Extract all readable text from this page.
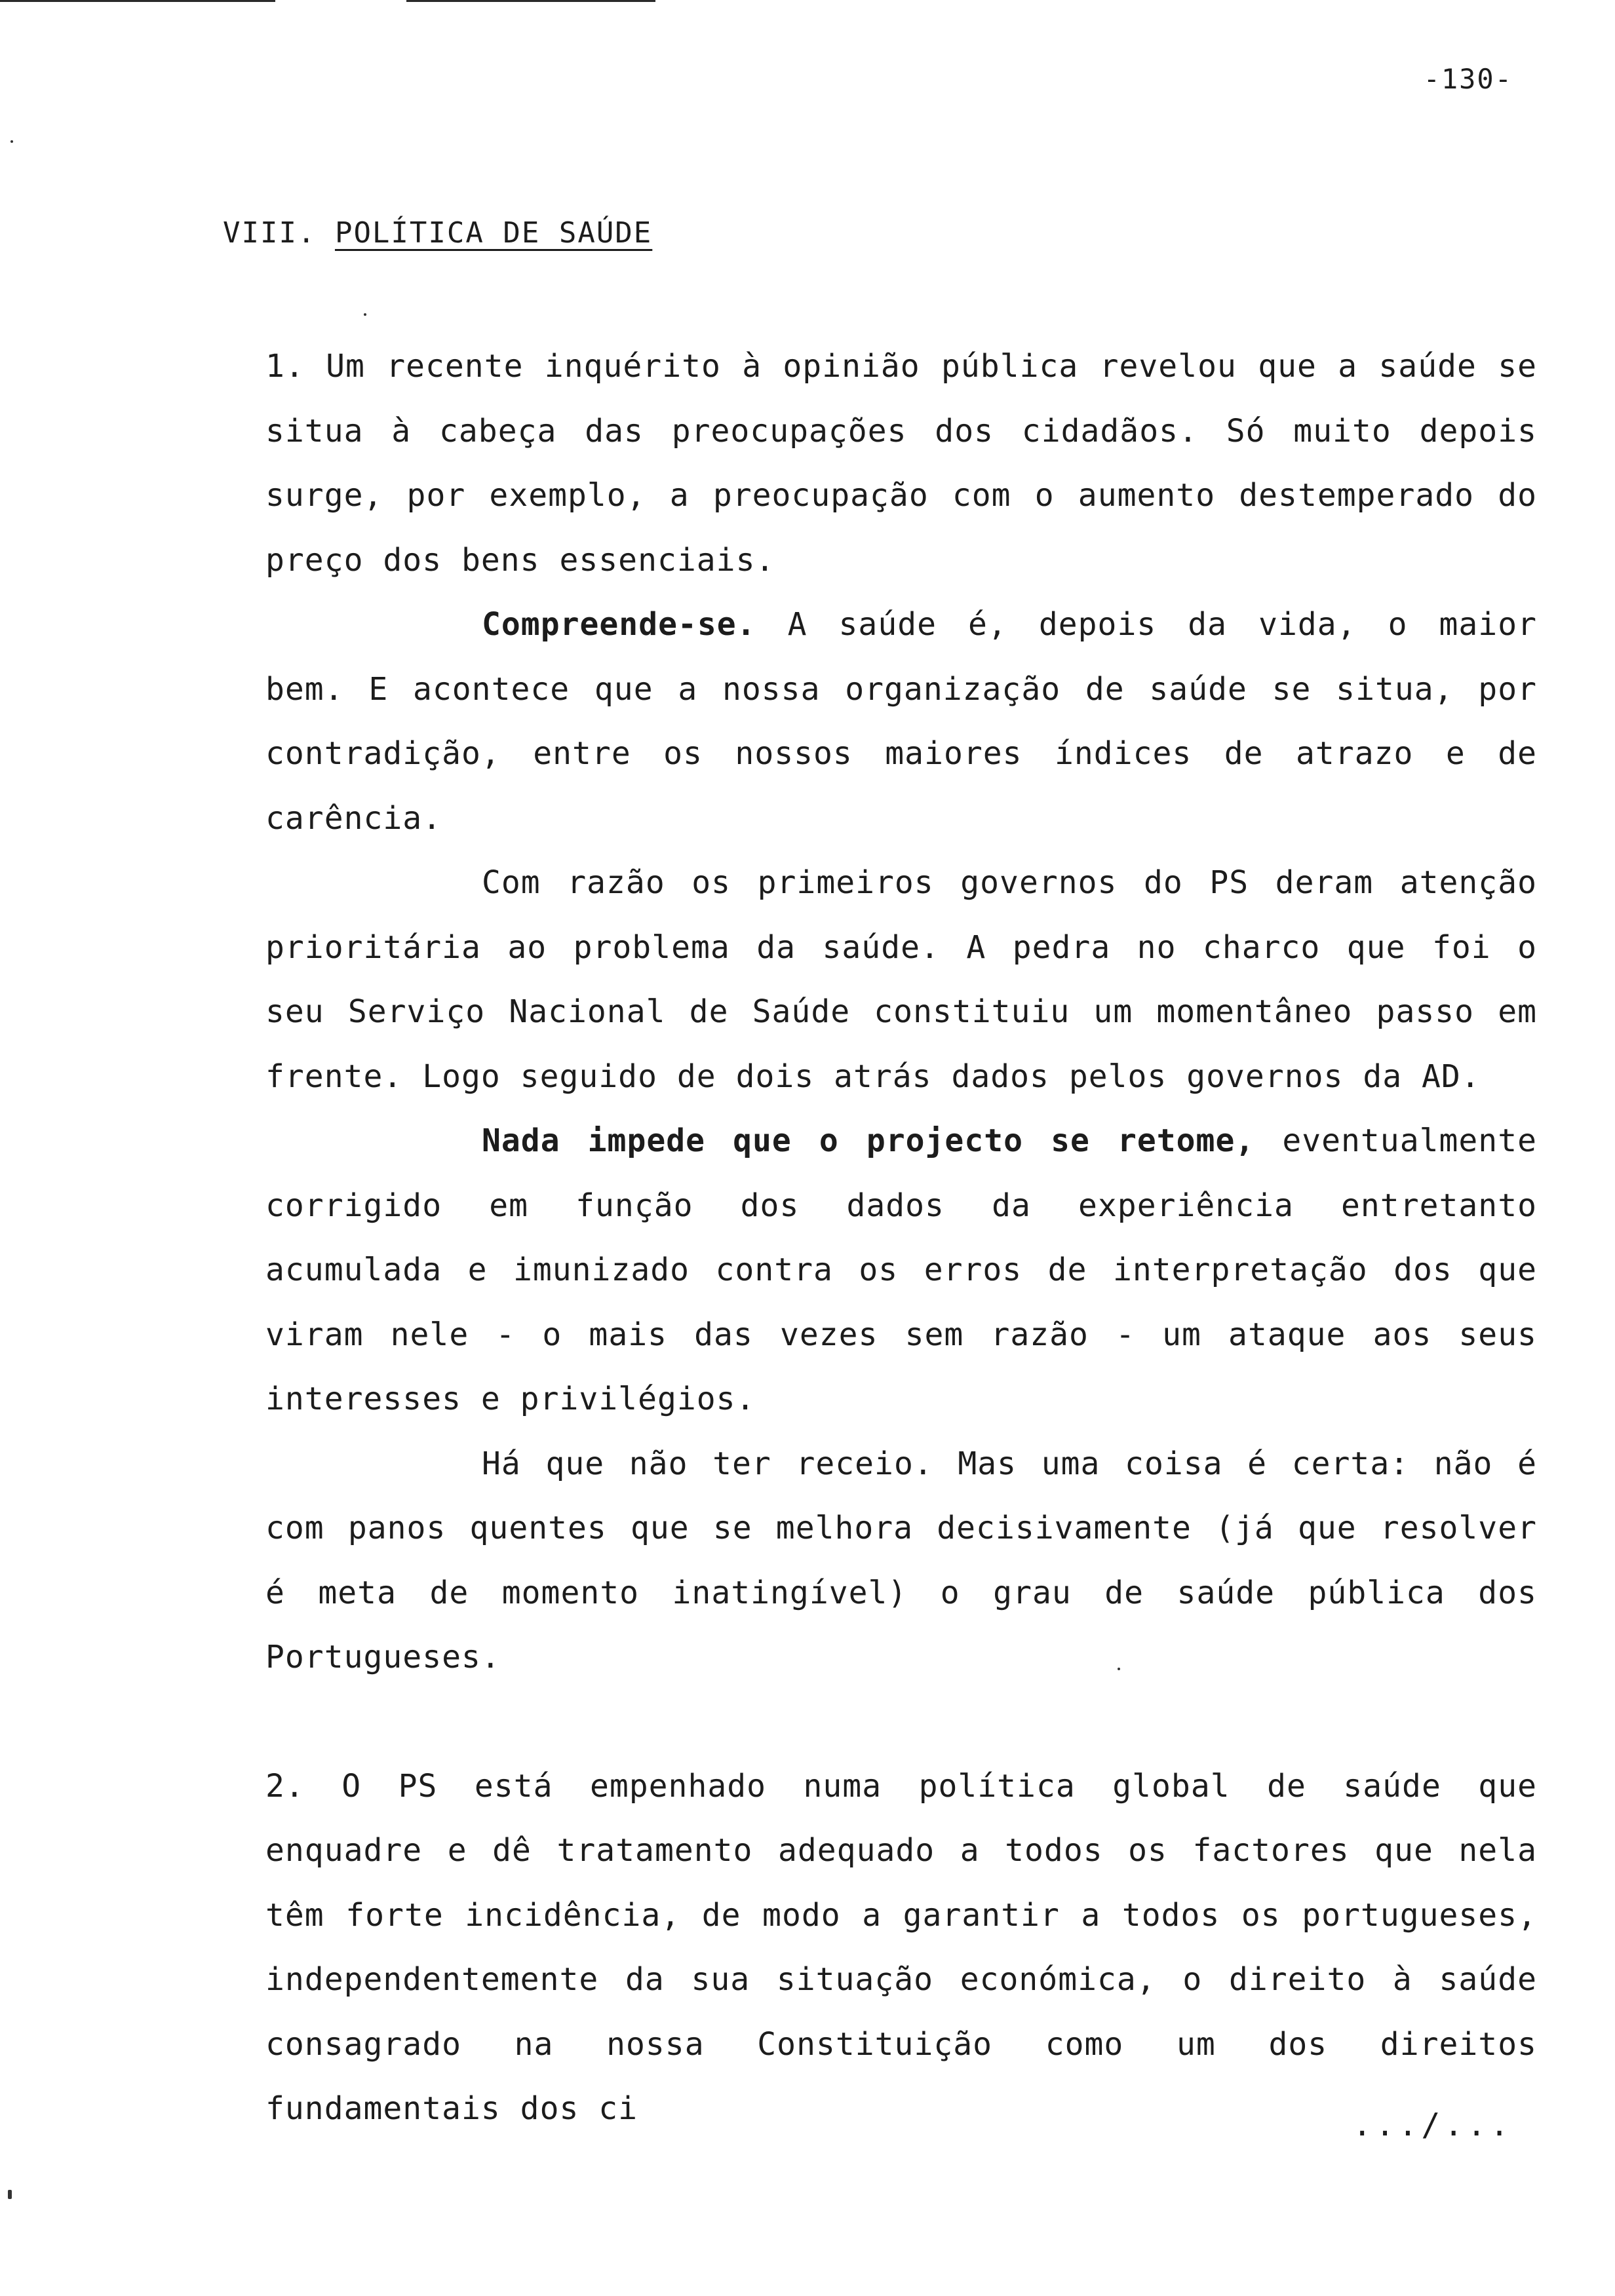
-130-
VIII. POLÍTICA DE SAÚDE

1. Um recente inquérito à opinião pública revelou que a saúde se situa à cabeça das preocupações dos cidadãos. Só muito depois surge, por exemplo, a preocupação com o aumento destemperado do preço dos bens essenciais.

Compreende-se. A saúde é, depois da vida, o maior bem. E acontece que a nossa organização de saúde se situa, por contradição, entre os nossos maiores índices de atrazo e de carência.

Com razão os primeiros governos do PS deram atenção prioritária ao problema da saúde. A pedra no charco que foi o seu Serviço Nacional de Saúde constituiu um momentâneo passo em frente. Logo seguido de dois atrás dados pelos governos da AD.

Nada impede que o projecto se retome, eventualmente corrigido em função dos dados da experiência entretanto acumulada e imunizado contra os erros de interpretação dos que viram nele - o mais das vezes sem razão - um ataque aos seus interesses e privilégios.

Há que não ter receio. Mas uma coisa é certa: não é com panos quentes que se melhora decisivamente (já que resolver é meta de momento inatingível) o grau de saúde pública dos Portugueses.

2. O PS está empenhado numa política global de saúde que enquadre e dê tratamento adequado a todos os factores que nela têm forte incidência, de modo a garantir a todos os portugueses, independentemente da sua situação económica, o direito à saúde consagrado na nossa Constituição como um dos direitos fundamentais dos ci	.../...
